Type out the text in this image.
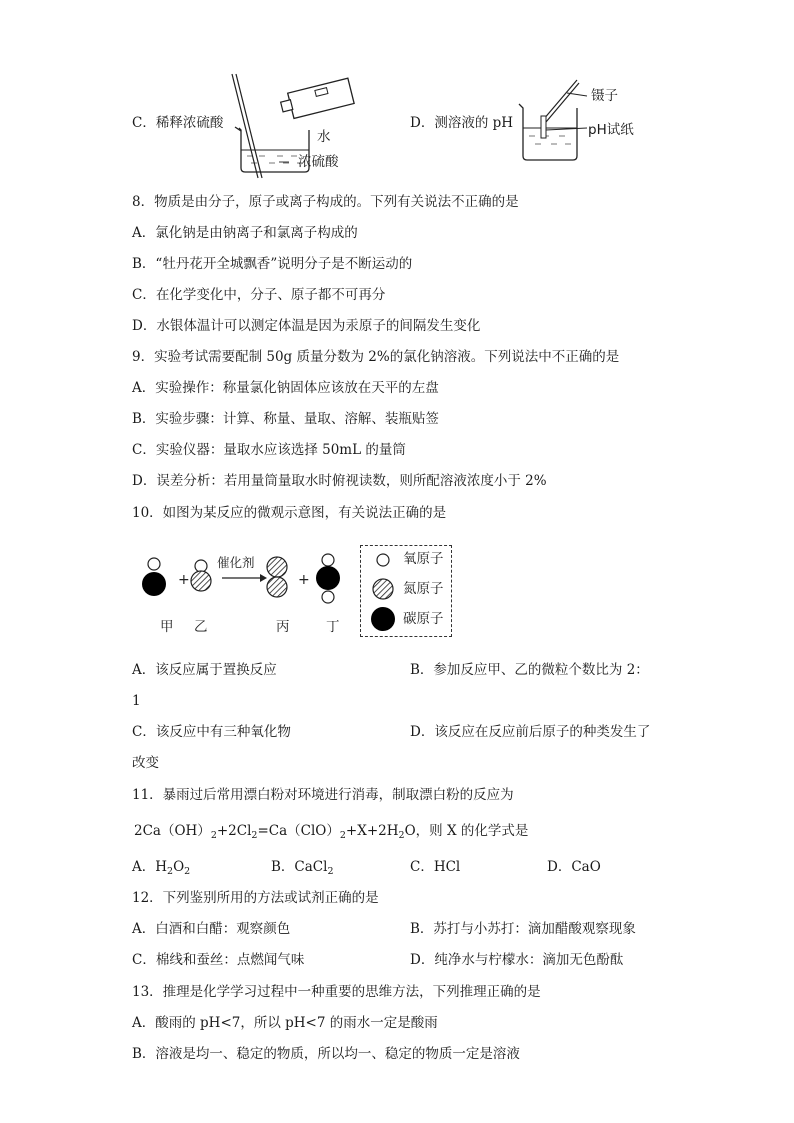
C．稀释浓硫酸
水
浓硫酸
D．测溶液的 pH
镊子
pH试纸
8．物质是由分子，原子或离子构成的。下列有关说法不正确的是
A．氯化钠是由钠离子和氯离子构成的
B．“牡丹花开全城飘香”说明分子是不断运动的
C．在化学变化中，分子、原子都不可再分
D．水银体温计可以测定体温是因为汞原子的间隔发生变化
9．实验考试需要配制 50g 质量分数为 2%的氯化钠溶液。下列说法中不正确的是
A．实验操作：称量氯化钠固体应该放在天平的左盘
B．实验步骤：计算、称量、量取、溶解、装瓶贴签
C．实验仪器：量取水应该选择 50mL 的量筒
D．误差分析：若用量筒量取水时俯视读数，则所配溶液浓度小于 2%
10．如图为某反应的微观示意图，有关说法正确的是
+	+
催化剂
甲 乙	丙	丁
氧原子
氮原子
碳原子
A．该反应属于置换反应	B．参加反应甲、乙的微粒个数比为 2：
1
C．该反应中有三种氧化物	D．该反应在反应前后原子的种类发生了
改变
11．暴雨过后常用漂白粉对环境进行消毒，制取漂白粉的反应为
$2Ca(OH)_2+2Cl_2=Ca(ClO)_2+X+2H_2O$，则 X 的化学式是
A．$H_2O_2$	B．CaCl$_2$	C．HCl	D．CaO
12．下列鉴别所用的方法或试剂正确的是
A．白酒和白醋：观察颜色	B．苏打与小苏打：滴加醋酸观察现象
C．棉线和蚕丝：点燃闻气味	D．纯净水与柠檬水：滴加无色酚酞
13．推理是化学学习过程中一种重要的思维方法，下列推理正确的是
A．酸雨的 pH<7，所以 pH<7 的雨水一定是酸雨
B．溶液是均一、稳定的物质，所以均一、稳定的物质一定是溶液
